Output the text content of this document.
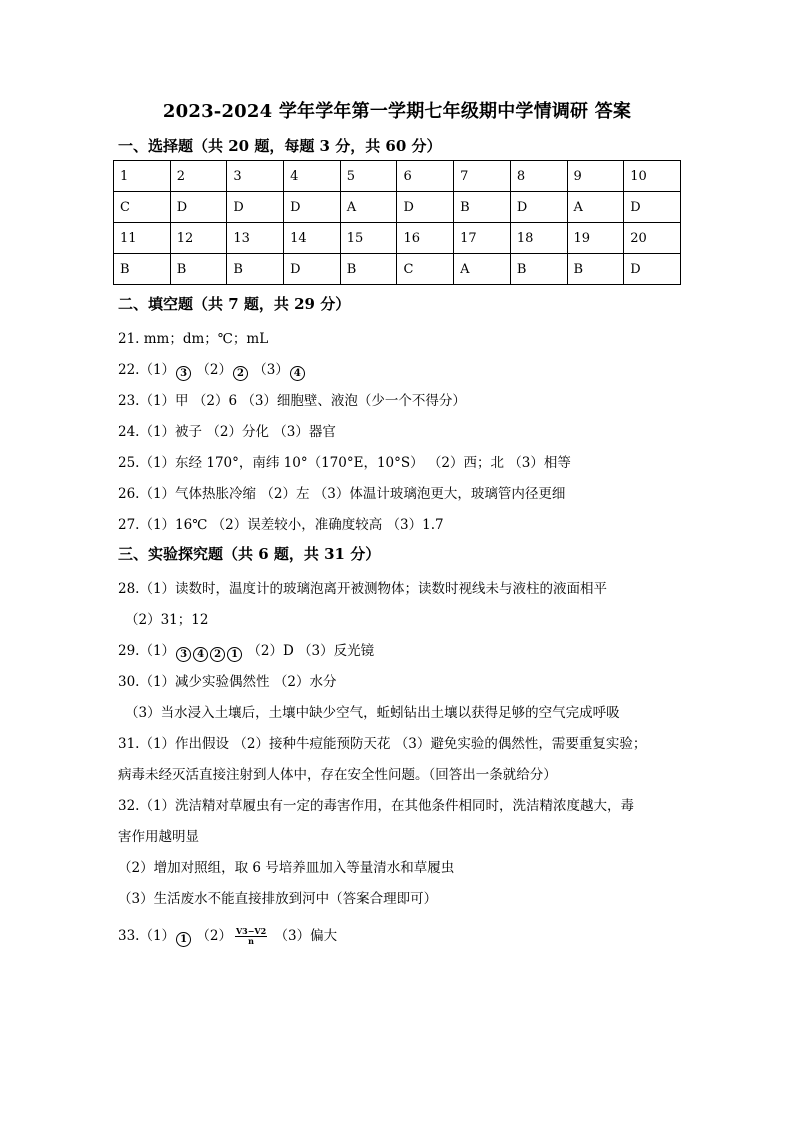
2023-2024 学年学年第一学期七年级期中学情调研 答案
一、选择题（共 20 题，每题 3 分，共 60 分）
1	2	3	4	5	6	7	8	9	10
C	D	D	D	A	D	B	D	A	D
11	12	13	14	15	16	17	18	19	20
B	B	B	D	B	C	A	B	B	D
二、填空题（共 7 题，共 29 分）
21. mm；dm；℃；mL
22.（1） 3 （2） 2 （3） 4
23.（1）甲 （2）6 （3）细胞壁、液泡（少一个不得分）
24.（1）被子 （2）分化 （3）器官
25.（1）东经 170°，南纬 10°（170°E，10°S） （2）西；北 （3）相等
26.（1）气体热胀冷缩 （2）左 （3）体温计玻璃泡更大，玻璃管内径更细
27.（1）16℃ （2）误差较小，准确度较高 （3）1.7
三、实验探究题（共 6 题，共 31 分）
28.（1）读数时，温度计的玻璃泡离开被测物体；读数时视线未与液柱的液面相平
（2）31；12
29.（1） 3 4 2 1 （2）D （3）反光镜
30.（1）减少实验偶然性 （2）水分
（3）当水浸入土壤后，土壤中缺少空气，蚯蚓钻出土壤以获得足够的空气完成呼吸
31.（1）作出假设 （2）接种牛痘能预防天花 （3）避免实验的偶然性，需要重复实验；
病毒未经灭活直接注射到人体中，存在安全性问题。（回答出一条就给分）
32.（1）洗洁精对草履虫有一定的毒害作用，在其他条件相同时，洗洁精浓度越大，毒
害作用越明显
（2）增加对照组，取 6 号培养皿加入等量清水和草履虫
（3）生活废水不能直接排放到河中（答案合理即可）
33.（1） 1 $(2) \frac{V3-V2}{n} (3)$偏大
